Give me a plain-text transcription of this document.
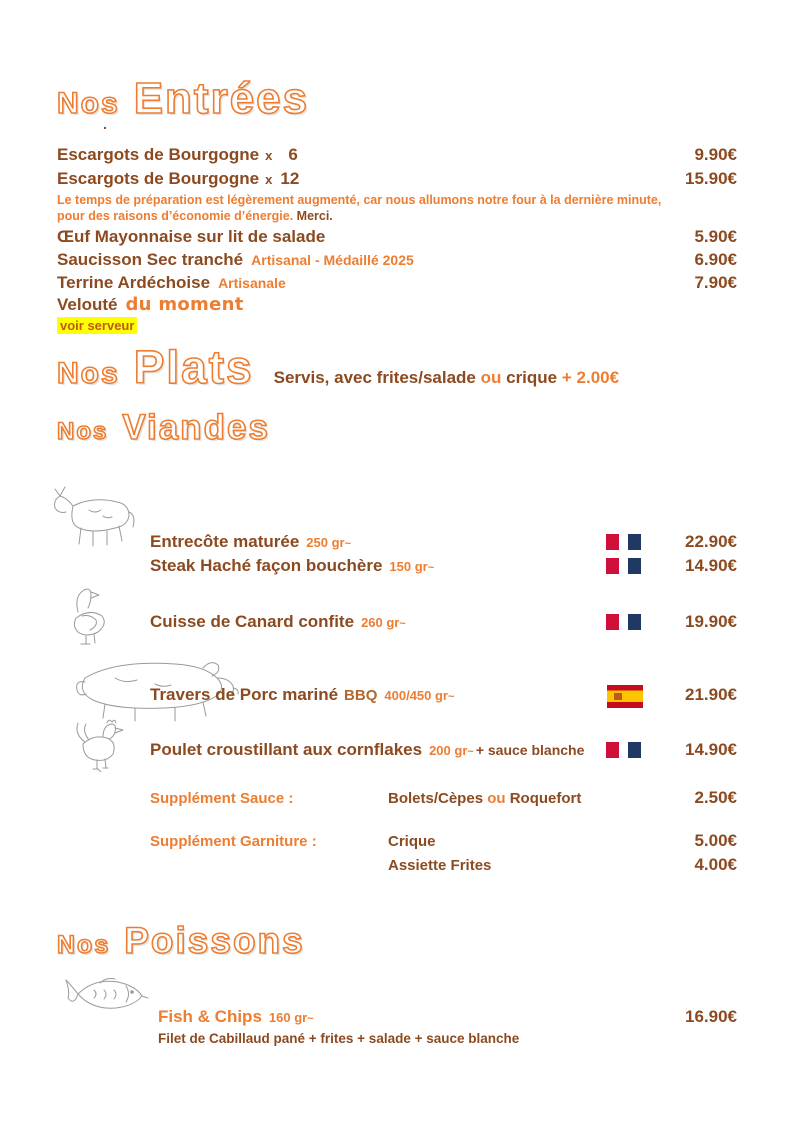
Nos Entrées
.
Escargots de Bourgogne x 6	9.90€
Escargots de Bourgogne x 12	15.90€
Le temps de préparation est légèrement augmenté, car nous allumons notre four à la dernière minute, pour des raisons d’économie d’énergie. Merci.
Œuf Mayonnaise sur lit de salade	5.90€
Saucisson Sec tranché Artisanal - Médaillé 2025	6.90€
Terrine Ardéchoise Artisanale	7.90€
Velouté du moment
voir serveur
Nos Plats Servis, avec frites/salade ou crique + 2.00€
Nos Viandes
Entrecôte maturée 250 gr ~	22.90€
Steak Haché façon bouchère 150 gr ~	14.90€
Cuisse de Canard confite 260 gr ~	19.90€
Travers de Porc mariné BBQ 400/450 gr ~	21.90€
Poulet croustillant aux cornflakes 200 gr ~ + sauce blanche	14.90€
Supplément Sauce :	Bolets/Cèpes ou Roquefort	2.50€
Supplément Garniture :	Crique	5.00€
Assiette Frites	4.00€
Nos Poissons
Fish & Chips 160 gr ~	16.90€
Filet de Cabillaud pané + frites + salade + sauce blanche
